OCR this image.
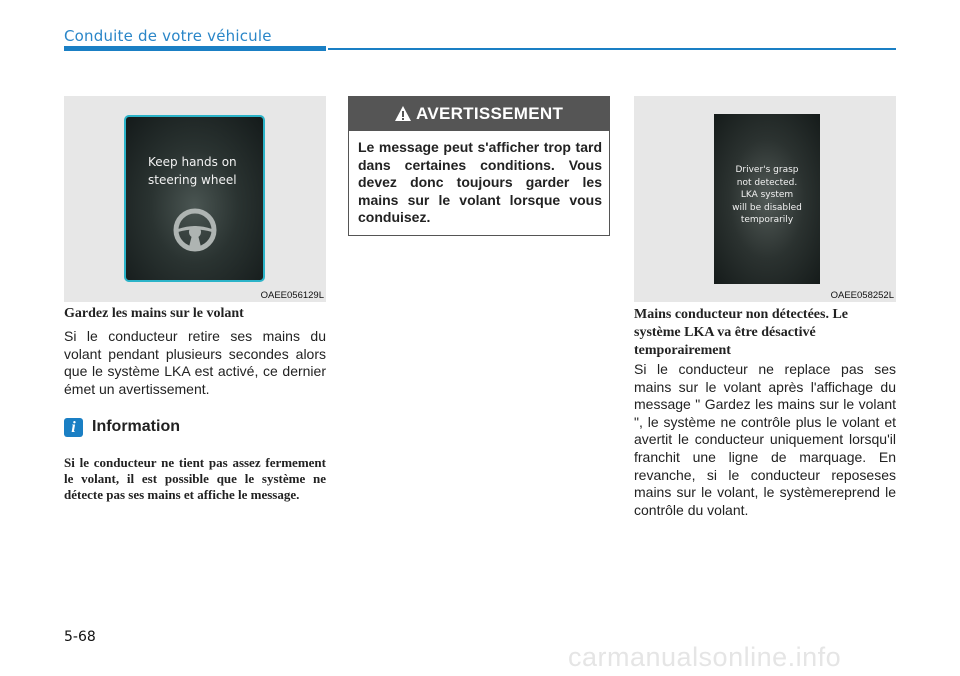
Conduite de votre véhicule
OAEE056129L
Keep hands on
steering wheel
Gardez les mains sur le volant
Si le conducteur retire ses mains du volant pendant plusieurs secondes alors que le système LKA est activé, ce dernier émet un avertissement.
i	Information
Si le conducteur ne tient pas assez fermement le volant, il est possible que le système ne détecte pas ses mains et affiche le message.
AVERTISSEMENT
Le message peut s'afficher trop tard dans certaines conditions. Vous devez donc toujours garder les mains sur le volant lorsque vous conduisez.
OAEE058252L
Driver's grasp
not detected.
LKA system
will be disabled
temporarily
Mains conducteur non détectées. Le système LKA va être désactivé temporairement
Si le conducteur ne replace pas ses mains sur le volant après l'affichage du message " Gardez les mains sur le volant ", le système ne contrôle plus le volant et avertit le conducteur uniquement lorsqu'il franchit une ligne de marquage. En revanche, si le conducteur reposeses mains sur le volant, le systèmereprend le contrôle du volant.
5-68
carmanualsonline.info
